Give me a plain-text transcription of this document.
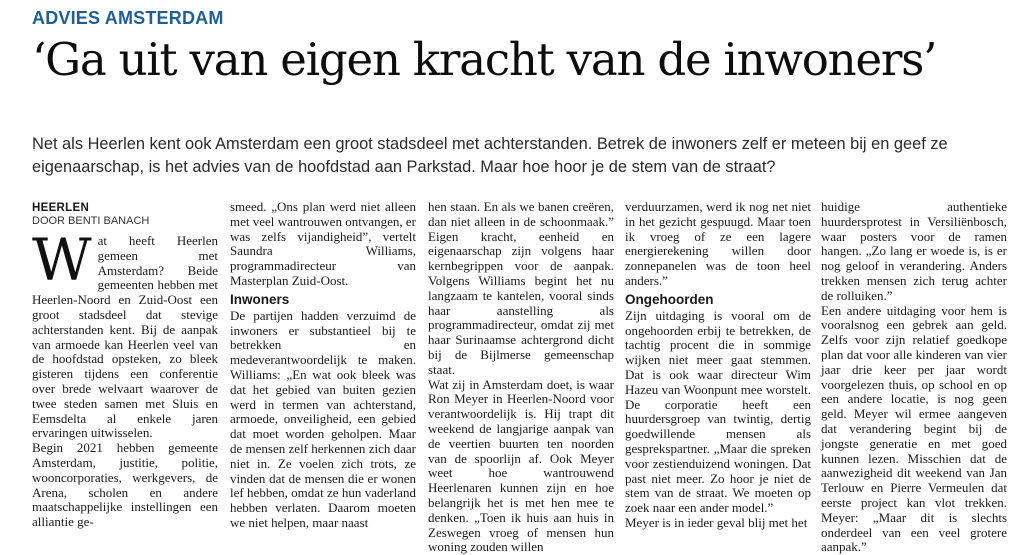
ADVIES AMSTERDAM
‘Ga uit van eigen kracht van de inwoners’
Net als Heerlen kent ook Amsterdam een groot stadsdeel met achterstanden. Betrek de inwoners zelf er meteen bij en geef ze eigenaarschap, is het advies van de hoofdstad aan Parkstad. Maar hoe hoor je de stem van de straat?

HEERLEN

DOOR BENTI BANACH

W at heeft Heerlen gemeen met Amsterdam? Beide gemeenten hebben met Heerlen-Noord en Zuid-Oost een groot stadsdeel dat stevige achterstanden kent. Bij de aanpak van armoede kan Heerlen veel van de hoofdstad opsteken, zo bleek gisteren tijdens een conferentie over brede welvaart waarover de twee steden samen met Sluis en Eemsdelta al enkele jaren ervaringen uitwisselen.

Begin 2021 hebben gemeente Amsterdam, justitie, politie, wooncorporaties, werkgevers, de Arena, scholen en andere maatschappelijke instellingen een alliantie ge-

smeed. „Ons plan werd niet alleen met veel wantrouwen ontvangen, er was zelfs vijandigheid”, vertelt Saundra Williams, programmadirecteur van Masterplan Zuid-Oost.

Inwoners

De partijen hadden verzuimd de inwoners er substantieel bij te betrekken en medeverantwoordelijk te maken. Williams: „En wat ook bleek was dat het gebied van buiten gezien werd in termen van achterstand, armoede, onveiligheid, een gebied dat moet worden geholpen. Maar de mensen zelf herkennen zich daar niet in. Ze voelen zich trots, ze vinden dat de mensen die er wonen lef hebben, omdat ze hun vaderland hebben verlaten. Daarom moeten we niet helpen, maar naast

hen staan. En als we banen creëren, dan niet alleen in de schoonmaak.” Eigen kracht, eenheid en eigenaarschap zijn volgens haar kernbegrippen voor de aanpak. Volgens Williams begint het nu langzaam te kantelen, vooral sinds haar aanstelling als programmadirecteur, omdat zij met haar Surinaamse achtergrond dicht bij de Bijlmerse gemeenschap staat.

Wat zij in Amsterdam doet, is waar Ron Meyer in Heerlen-Noord voor verantwoordelijk is. Hij trapt dit weekend de langjarige aanpak van de veertien buurten ten noorden van de spoorlijn af. Ook Meyer weet hoe wantrouwend Heerlenaren kunnen zijn en hoe belangrijk het is met hen mee te denken. „Toen ik huis aan huis in Zeswegen vroeg of mensen hun woning zouden willen

verduurzamen, werd ik nog net niet in het gezicht gespuugd. Maar toen ik vroeg of ze een lagere energierekening willen door zonnepanelen was de toon heel anders.”

Ongehoorden

Zijn uitdaging is vooral om de ongehoorden erbij te betrekken, de tachtig procent die in sommige wijken niet meer gaat stemmen. Dat is ook waar directeur Wim Hazeu van Woonpunt mee worstelt. De corporatie heeft een huurdersgroep van twintig, dertig goedwillende mensen als gesprekspartner. „Maar die spreken voor zestienduizend woningen. Dat past niet meer. Zo hoor je niet de stem van de straat. We moeten op zoek naar een ander model.”

Meyer is in ieder geval blij met het

huidige authentieke huurdersprotest in Versiliënbosch, waar posters voor de ramen hangen. „Zo lang er woede is, is er nog geloof in verandering. Anders trekken mensen zich terug achter de rolluiken.”

Een andere uitdaging voor hem is vooralsnog een gebrek aan geld. Zelfs voor zijn relatief goedkope plan dat voor alle kinderen van vier jaar drie keer per jaar wordt voorgelezen thuis, op school en op een andere locatie, is nog geen geld. Meyer wil ermee aangeven dat verandering begint bij de jongste generatie en met goed kunnen lezen. Misschien dat de aanwezigheid dit weekend van Jan Terlouw en Pierre Vermeulen dat eerste project kan vlot trekken. Meyer: „Maar dit is slechts onderdeel van een veel grotere aanpak.”
